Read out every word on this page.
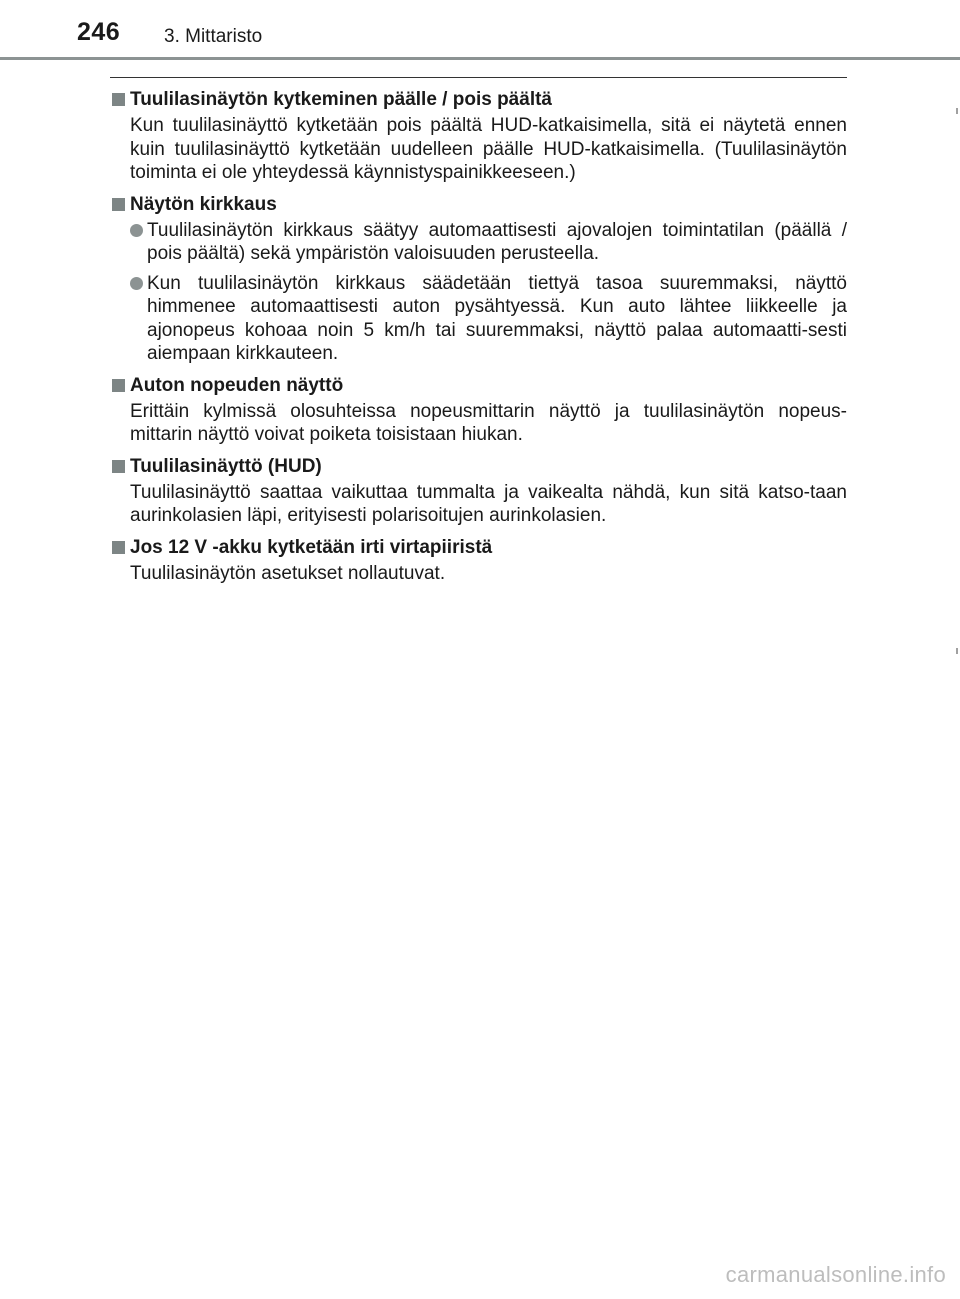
246 3. Mittaristo
Tuulilasinäytön kytkeminen päälle / pois päältä
Kun tuulilasinäyttö kytketään pois päältä HUD-katkaisimella, sitä ei näytetä ennen kuin tuulilasinäyttö kytketään uudelleen päälle HUD-katkaisimella. (Tuulilasinäytön toiminta ei ole yhteydessä käynnistyspainikkeeseen.)
Näytön kirkkaus
Tuulilasinäytön kirkkaus säätyy automaattisesti ajovalojen toimintatilan (päällä / pois päältä) sekä ympäristön valoisuuden perusteella.
Kun tuulilasinäytön kirkkaus säädetään tiettyä tasoa suuremmaksi, näyttö himmenee automaattisesti auton pysähtyessä. Kun auto lähtee liikkeelle ja ajonopeus kohoaa noin 5 km/h tai suuremmaksi, näyttö palaa automaatti-sesti aiempaan kirkkauteen.
Auton nopeuden näyttö
Erittäin kylmissä olosuhteissa nopeusmittarin näyttö ja tuulilasinäytön nopeus-mittarin näyttö voivat poiketa toisistaan hiukan.
Tuulilasinäyttö (HUD)
Tuulilasinäyttö saattaa vaikuttaa tummalta ja vaikealta nähdä, kun sitä katso-taan aurinkolasien läpi, erityisesti polarisoitujen aurinkolasien.
Jos 12 V -akku kytketään irti virtapiiristä
Tuulilasinäytön asetukset nollautuvat.
carmanualsonline.info
